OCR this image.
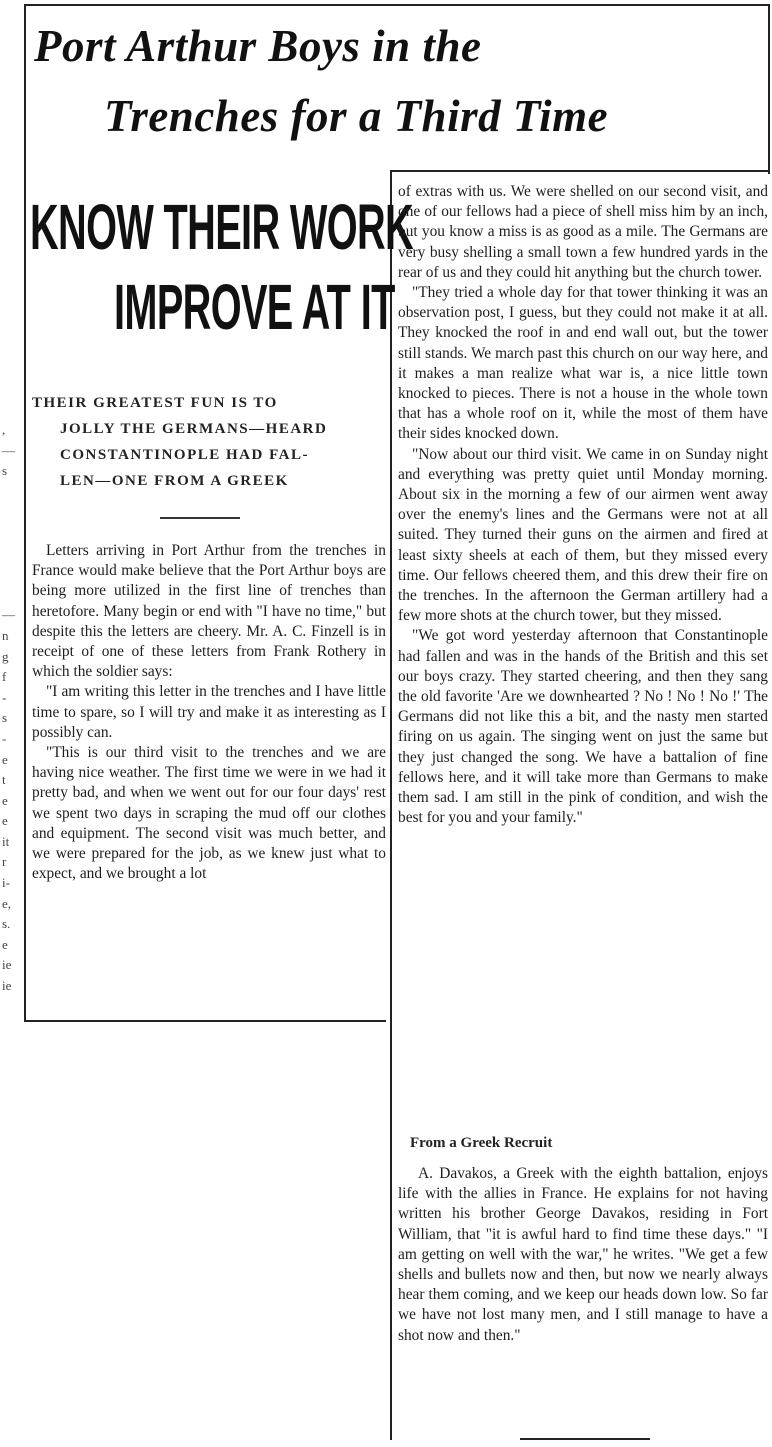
Port Arthur Boys in the
Trenches for a Third Time
KNOW THEIR WORK
IMPROVE AT IT
THEIR GREATEST FUN IS TO
JOLLY THE GERMANS—HEARD
CONSTANTINOPLE HAD FAL-
LEN—ONE FROM A GREEK
,
—
s
—
n
g
f
-
s
-
e
t
e
e
it
r
i-
e,
s.
e
ie
ie

Letters arriving in Port Arthur from the trenches in France would make believe that the Port Arthur boys are being more utilized in the first line of trenches than heretofore. Many begin or end with "I have no time," but despite this the letters are cheery. Mr. A. C. Finzell is in receipt of one of these letters from Frank Rothery in which the soldier says:

"I am writing this letter in the trenches and I have little time to spare, so I will try and make it as interesting as I possibly can.

"This is our third visit to the trenches and we are having nice weather. The first time we were in we had it pretty bad, and when we went out for our four days' rest we spent two days in scraping the mud off our clothes and equipment. The second visit was much better, and we were prepared for the job, as we knew just what to expect, and we brought a lot

of extras with us. We were shelled on our second visit, and one of our fellows had a piece of shell miss him by an inch, but you know a miss is as good as a mile. The Germans are very busy shelling a small town a few hundred yards in the rear of us and they could hit anything but the church tower.

"They tried a whole day for that tower thinking it was an observation post, I guess, but they could not make it at all. They knocked the roof in and end wall out, but the tower still stands. We march past this church on our way here, and it makes a man realize what war is, a nice little town knocked to pieces. There is not a house in the whole town that has a whole roof on it, while the most of them have their sides knocked down.

"Now about our third visit. We came in on Sunday night and everything was pretty quiet until Monday morning. About six in the morning a few of our airmen went away over the enemy's lines and the Germans were not at all suited. They turned their guns on the airmen and fired at least sixty sheels at each of them, but they missed every time. Our fellows cheered them, and this drew their fire on the trenches. In the afternoon the German artillery had a few more shots at the church tower, but they missed.

"We got word yesterday afternoon that Constantinople had fallen and was in the hands of the British and this set our boys crazy. They started cheering, and then they sang the old favorite 'Are we downhearted ? No ! No ! No !' The Germans did not like this a bit, and the nasty men started firing on us again. The singing went on just the same but they just changed the song. We have a battalion of fine fellows here, and it will take more than Germans to make them sad. I am still in the pink of condition, and wish the best for you and your family."

From a Greek Recruit

A. Davakos, a Greek with the eighth battalion, enjoys life with the allies in France. He explains for not having written his brother George Davakos, residing in Fort William, that "it is awful hard to find time these days." "I am getting on well with the war," he writes. "We get a few shells and bullets now and then, but now we nearly always hear them coming, and we keep our heads down low. So far we have not lost many men, and I still manage to have a shot now and then."
